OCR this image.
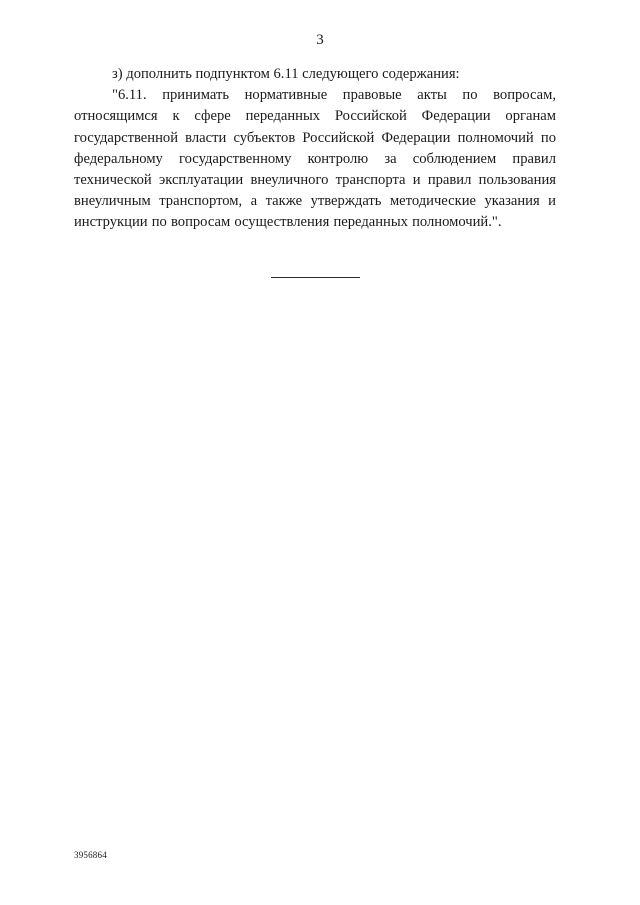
3

з) дополнить подпунктом 6.11 следующего содержания:

"6.11. принимать нормативные правовые акты по вопросам, относящимся к сфере переданных Российской Федерации органам государственной власти субъектов Российской Федерации полномочий по федеральному государственному контролю за соблюдением правил технической эксплуатации внеуличного транспорта и правил пользования внеуличным транспортом, а также утверждать методические указания и инструкции по вопросам осуществления переданных полномочий.".

3956864
